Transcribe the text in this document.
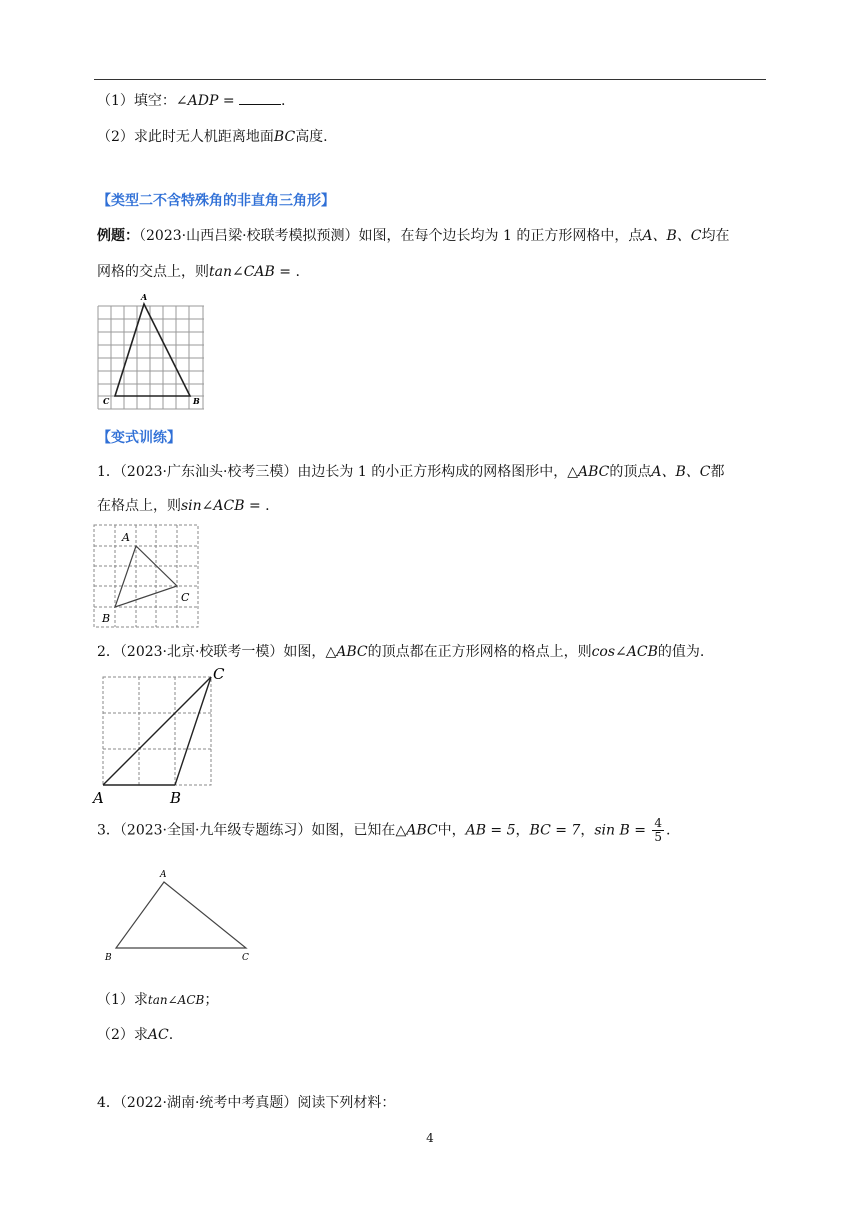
（1）填空：∠ADP =	.
（2）求此时无人机距离地面BC高度.
【类型二不含特殊角的非直角三角形】
例题：（2023·山西吕梁·校联考模拟预测）如图，在每个边长均为 1 的正方形网格中，点A、B、C均在
网格的交点上，则tan∠CAB = .
A
C	B
【变式训练】
1．（2023·广东汕头·校考三模）由边长为 1 的小正方形构成的网格图形中，△ABC的顶点A、B、C都
在格点上，则sin∠ACB = .
A
B
C
2．（2023·北京·校联考一模）如图，△ABC的顶点都在正方形网格的格点上，则cos∠ACB的值为.
A	B
C
3．（2023·全国·九年级专题练习）如图，已知在△ABC中，AB = 5，BC = 7，$\sin B = \frac{4}{5}$ .
A
B	C
（1）求tan∠ACB；
（2）求AC.
4．（2022·湖南·统考中考真题）阅读下列材料：
4
